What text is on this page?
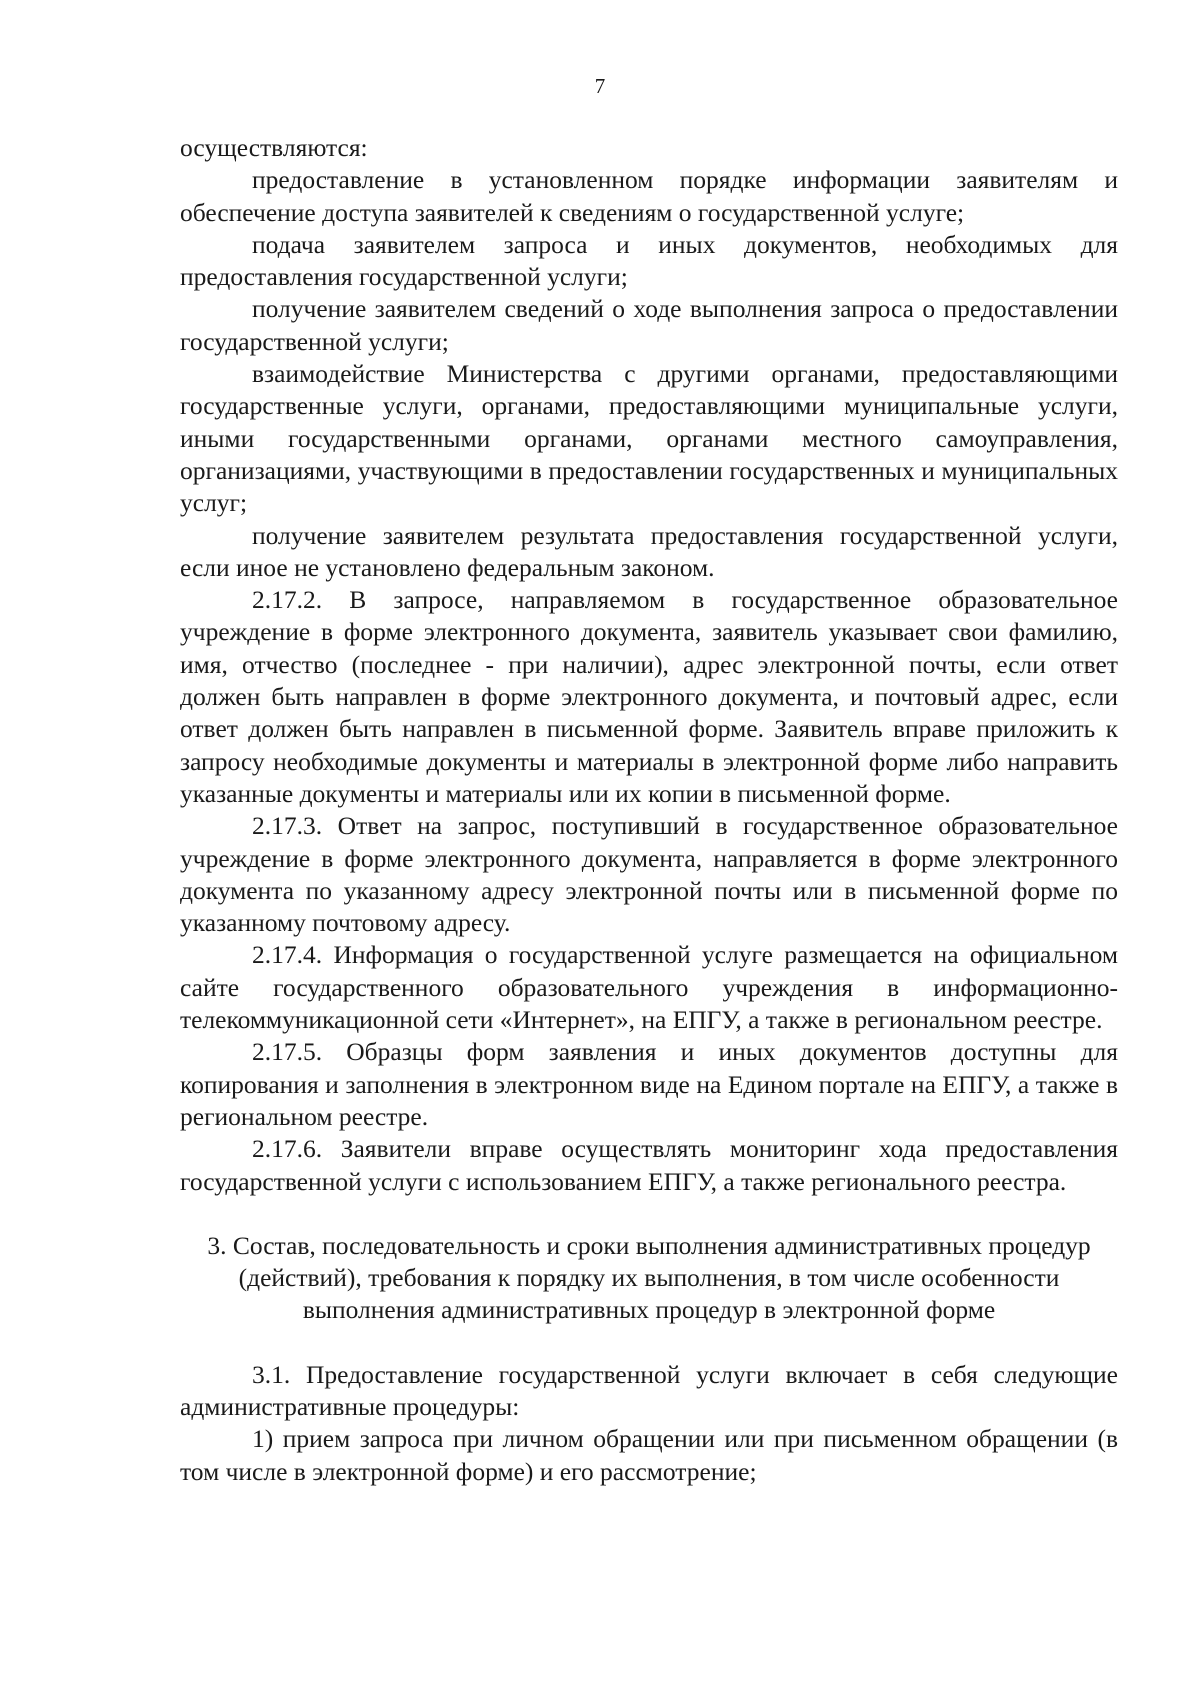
7

осуществляются:

предоставление в установленном порядке информации заявителям и обеспечение доступа заявителей к сведениям о государственной услуге;

подача заявителем запроса и иных документов, необходимых для предоставления государственной услуги;

получение заявителем сведений о ходе выполнения запроса о предоставлении государственной услуги;

взаимодействие Министерства с другими органами, предоставляющими государственные услуги, органами, предоставляющими муниципальные услуги, иными государственными органами, органами местного самоуправления, организациями, участвующими в предоставлении государственных и муниципальных услуг;

получение заявителем результата предоставления государственной услуги, если иное не установлено федеральным законом.

2.17.2. В запросе, направляемом в государственное образовательное учреждение в форме электронного документа, заявитель указывает свои фамилию, имя, отчество (последнее - при наличии), адрес электронной почты, если ответ должен быть направлен в форме электронного документа, и почтовый адрес, если ответ должен быть направлен в письменной форме. Заявитель вправе приложить к запросу необходимые документы и материалы в электронной форме либо направить указанные документы и материалы или их копии в письменной форме.

2.17.3. Ответ на запрос, поступивший в государственное образовательное учреждение в форме электронного документа, направляется в форме электронного документа по указанному адресу электронной почты или в письменной форме по указанному почтовому адресу.

2.17.4. Информация о государственной услуге размещается на официальном сайте государственного образовательного учреждения в информационно-телекоммуникационной сети «Интернет», на ЕПГУ, а также в региональном реестре.

2.17.5. Образцы форм заявления и иных документов доступны для копирования и заполнения в электронном виде на Едином портале на ЕПГУ, а также в региональном реестре.

2.17.6. Заявители вправе осуществлять мониторинг хода предоставления государственной услуги с использованием ЕПГУ, а также регионального реестра.

3. Состав, последовательность и сроки выполнения административных процедур (действий), требования к порядку их выполнения, в том числе особенности выполнения административных процедур в электронной форме

3.1. Предоставление государственной услуги включает в себя следующие административные процедуры:

1) прием запроса при личном обращении или при письменном обращении (в том числе в электронной форме) и его рассмотрение;
